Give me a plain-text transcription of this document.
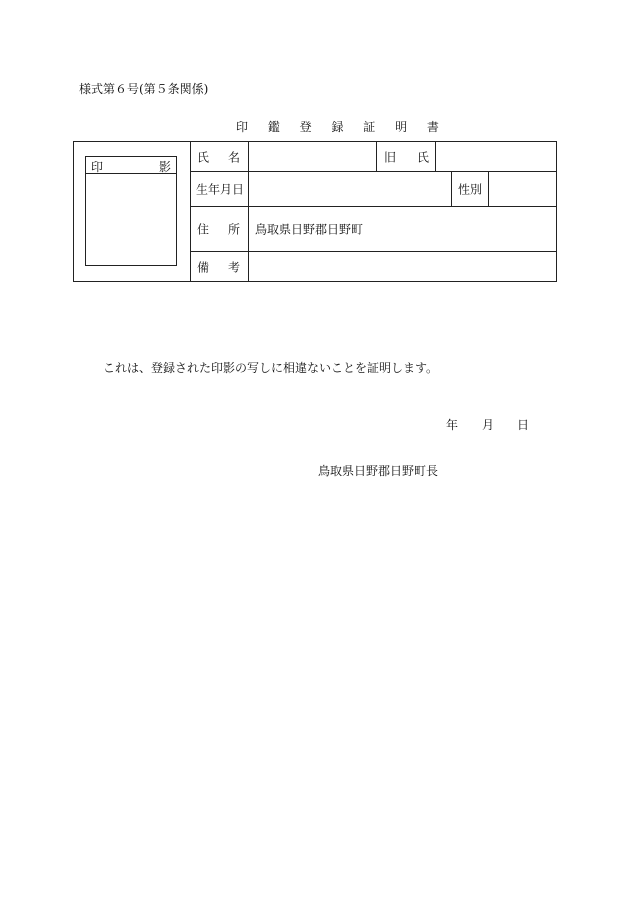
様式第６号(第５条関係)
印 鑑 登 録 証 明 書
印	影
氏 名	旧 氏
生年月日	性別
住 所 鳥取県日野郡日野町
備 考
これは、登録された印影の写しに相違ないことを証明します。
年 月 日
鳥取県日野郡日野町長
